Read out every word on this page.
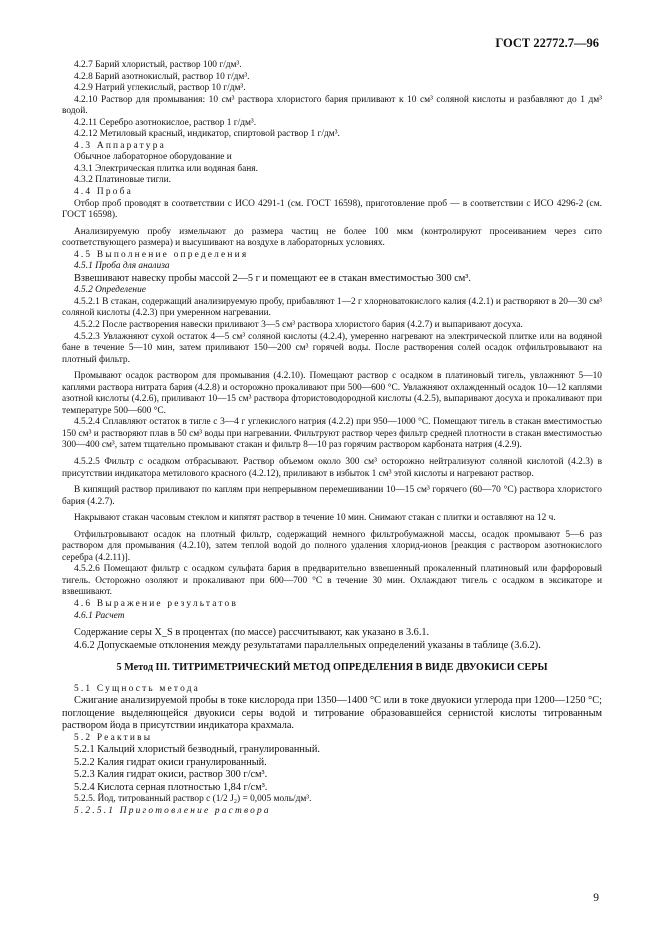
ГОСТ 22772.7—96

4.2.7 Барий хлористый, раствор 100 г/дм³.

4.2.8 Барий азотнокислый, раствор 10 г/дм³.

4.2.9 Натрий углекислый, раствор 10 г/дм³.

4.2.10 Раствор для промывания: 10 см³ раствора хлористого бария приливают к 10 см³ соляной кислоты и разбавляют до 1 дм³ водой.

4.2.11 Серебро азотнокислое, раствор 1 г/дм³.

4.2.12 Метиловый красный, индикатор, спиртовой раствор 1 г/дм³.

4.3 Аппаратура

Обычное лабораторное оборудование и

4.3.1 Электрическая плитка или водяная баня.

4.3.2 Платиновые тигли.

4.4 Проба

Отбор проб проводят в соответствии с ИСО 4291-1 (см. ГОСТ 16598), приготовление проб — в соответствии с ИСО 4296-2 (см. ГОСТ 16598).

Анализируемую пробу измельчают до размера частиц не более 100 мкм (контролируют просеиванием через сито соответствующего размера) и высушивают на воздухе в лабораторных условиях.

4.5 Выполнение определения

4.5.1 Проба для анализа

Взвешивают навеску пробы массой 2—5 г и помещают ее в стакан вместимостью 300 см³.

4.5.2 Определение

4.5.2.1 В стакан, содержащий анализируемую пробу, прибавляют 1—2 г хлорноватокислого калия (4.2.1) и растворяют в 20—30 см³ соляной кислоты (4.2.3) при умеренном нагревании.

4.5.2.2 После растворения навески приливают 3—5 см³ раствора хлористого бария (4.2.7) и выпаривают досуха.

4.5.2.3 Увлажняют сухой остаток 4—5 см³ соляной кислоты (4.2.4), умеренно нагревают на электрической плитке или на водяной бане в течение 5—10 мин, затем приливают 150—200 см³ горячей воды. После растворения солей осадок отфильтровывают на плотный фильтр.

Промывают осадок раствором для промывания (4.2.10). Помещают раствор с осадком в платиновый тигель, увлажняют 5—10 каплями раствора нитрата бария (4.2.8) и осторожно прокаливают при 500—600 °С. Увлажняют охлажденный осадок 10—12 каплями азотной кислоты (4.2.6), приливают 10—15 см³ раствора фтористоводородной кислоты (4.2.5), выпаривают досуха и прокаливают при температуре 500—600 °С.

4.5.2.4 Сплавляют остаток в тигле с 3—4 г углекислого натрия (4.2.2) при 950—1000 °С. Помещают тигель в стакан вместимостью 150 см³ и растворяют плав в 50 см³ воды при нагревании. Фильтруют раствор через фильтр средней плотности в стакан вместимостью 300—400 см³, затем тщательно промывают стакан и фильтр 8—10 раз горячим раствором карбоната натрия (4.2.9).

4.5.2.5 Фильтр с осадком отбрасывают. Раствор объемом около 300 см³ осторожно нейтрализуют соляной кислотой (4.2.3) в присутствии индикатора метилового красного (4.2.12), приливают в избыток 1 см³ этой кислоты и нагревают раствор.

В кипящий раствор приливают по каплям при непрерывном перемешивании 10—15 см³ горячего (60—70 °С) раствора хлористого бария (4.2.7).

Накрывают стакан часовым стеклом и кипятят раствор в течение 10 мин. Снимают стакан с плитки и оставляют на 12 ч.

Отфильтровывают осадок на плотный фильтр, содержащий немного фильтробумажной массы, осадок промывают 5—6 раз раствором для промывания (4.2.10), затем теплой водой до полного удаления хлорид-ионов [реакция с раствором азотнокислого серебра (4.2.11)].

4.5.2.6 Помещают фильтр с осадком сульфата бария в предварительно взвешенный прокаленный платиновый или фарфоровый тигель. Осторожно озоляют и прокаливают при 600—700 °С в течение 30 мин. Охлаждают тигель с осадком в эксикаторе и взвешивают.

4.6 Выражение результатов

4.6.1 Расчет

Содержание серы X_S в процентах (по массе) рассчитывают, как указано в 3.6.1.

4.6.2 Допускаемые отклонения между результатами параллельных определений указаны в таблице (3.6.2).

5 Метод III. ТИТРИМЕТРИЧЕСКИЙ МЕТОД ОПРЕДЕЛЕНИЯ В ВИДЕ ДВУОКИСИ СЕРЫ

5.1 Сущность метода

Сжигание анализируемой пробы в токе кислорода при 1350—1400 °С или в токе двуокиси углерода при 1200—1250 °С; поглощение выделяющейся двуокиси серы водой и титрование образовавшейся сернистой кислоты титрованным раствором йода в присутствии индикатора крахмала.

5.2 Реактивы

5.2.1 Кальций хлористый безводный, гранулированный.

5.2.2 Калия гидрат окиси гранулированный.

5.2.3 Калия гидрат окиси, раствор 300 г/см³.

5.2.4 Кислота серная плотностью 1,84 г/см³.

5.2.5. Йод, титрованный раствор с (1/2 J₂) = 0,005 моль/дм³.

5.2.5.1 Приготовление раствора

9
